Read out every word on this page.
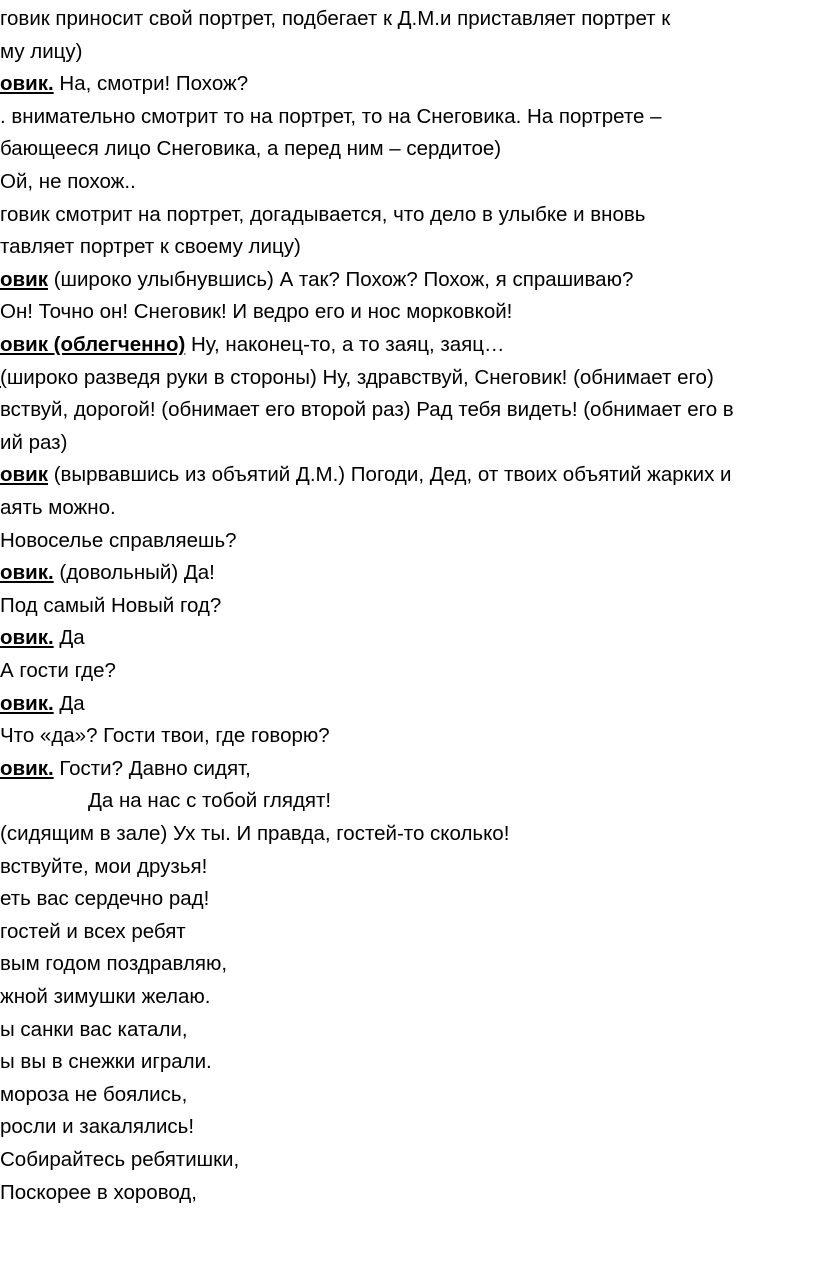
говик приносит свой портрет, подбегает к Д.М.и приставляет портрет к
му лицу)
овик. На, смотри! Похож?
. внимательно смотрит то на портрет, то на Снеговика. На портрете –
бающееся лицо Снеговика, а перед ним – сердитое)
Ой, не похож..
говик смотрит на портрет, догадывается, что дело в улыбке и вновь
тавляет портрет к своему лицу)
овик (широко улыбнувшись) А так? Похож? Похож, я спрашиваю?
Он! Точно он! Снеговик! И ведро его и нос морковкой!
овик (облегченно) Ну, наконец-то, а то заяц, заяц…
(широко разведя руки в стороны) Ну, здравствуй, Снеговик! (обнимает его)
вствуй, дорогой! (обнимает его второй раз) Рад тебя видеть! (обнимает его в
ий раз)
овик (вырвавшись из объятий Д.М.) Погоди, Дед, от твоих объятий жарких и
аять можно.
Новоселье справляешь?
овик. (довольный) Да!
Под самый Новый год?
овик. Да
А гости где?
овик. Да
Что «да»? Гости твои, где говорю?
овик. Гости? Давно сидят,
Да на нас с тобой глядят!
(сидящим в зале) Ух ты. И правда, гостей-то сколько!
вствуйте, мои друзья!
еть вас сердечно рад!
гостей и всех ребят
вым годом поздравляю,
жной зимушки желаю.
ы санки вас катали,
ы вы в снежки играли.
мороза не боялись,
росли и закалялись!
Собирайтесь ребятишки,
Поскорее в хоровод,
